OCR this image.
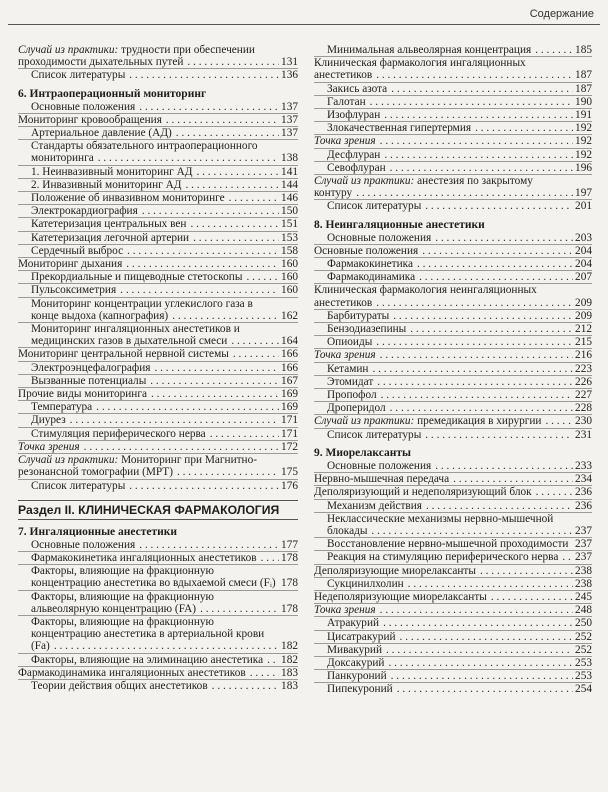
Содержание
Случай из практики: трудности при обеспечении проходимости дыхательных путей . . .	131
Список литературы . . .	136
6. Интраоперационный мониторинг
Основные положения . . .	137
Мониторинг кровообращения . . .	137
Артериальное давление (АД) . . .	137
Стандарты обязательного интраоперационного мониторинга . . .	138
1. Неинвазивный мониторинг АД . . .	141
2. Инвазивный мониторинг АД . . .	144
Положение об инвазивном мониторинге . . .	146
Электрокардиография . . .	150
Катетеризация центральных вен . . .	151
Катетеризация легочной артерии . . .	153
Сердечный выброс . . .	158
Мониторинг дыхания . . .	160
Прекордиальные и пищеводные стетоскопы . . .	160
Пульсоксиметрия . . .	160
Мониторинг концентрации углекислого газа в конце выдоха (капнография) . . .	162
Мониторинг ингаляционных анестетиков и медицинских газов в дыхательной смеси . . .	164
Мониторинг центральной нервной системы . . .	166
Электроэнцефалография . . .	166
Вызванные потенциалы . . .	167
Прочие виды мониторинга . . .	169
Температура . . .	169
Диурез . . .	171
Стимуляция периферического нерва . . .	171
Точка зрения . . .	172
Случай из практики: Мониторинг при Магнитно-резонансной томографии (МРТ) . . .	175
Список литературы . . .	176
Раздел II. КЛИНИЧЕСКАЯ ФАРМАКОЛОГИЯ
7. Ингаляционные анестетики
Основные положения . . .	177
Фармакокинетика ингаляционных анестетиков . . .	178
Факторы, влияющие на фракционную концентрацию анестетика во вдыхаемой смеси (Fᵢ) . . . 178
Факторы, влияющие на фракционную альвеолярную концентрацию (FA) . . .	178
Факторы, влияющие на фракционную концентрацию анестетика в артериальной крови (Fa) . . .	182
Факторы, влияющие на элиминацию анестетика . . .	182
Фармакодинамика ингаляционных анестетиков . . .	183
Теории действия общих анестетиков . . .	183
Минимальная альвеолярная концентрация . . .	185
Клиническая фармакология ингаляционных анестетиков . . .	187
Закись азота . . .	187
Галотан . . .	190
Изофлуран . . .	191
Злокачественная гипертермия . . .	192
Точка зрения . . .	192
Десфлуран . . .	192
Севофлуран . . .	196
Случай из практики: анестезия по закрытому контуру . . .	197
Список литературы . . .	201
8. Неингаляционные анестетики
Основные положения . . .	203
Основные положения . . .	204
Фармакокинетика . . .	204
Фармакодинамика . . .	207
Клиническая фармакология неингаляционных анестетиков . . .	209
Барбитураты . . .	209
Бензодиазепины . . .	212
Опиоиды . . .	215
Точка зрения . . .	216
Кетамин . . .	223
Этомидат . . .	226
Пропофол . . .	227
Дроперидол . . .	228
Случай из практики: премедикация в хирургии . . .	230
Список литературы . . .	231
9. Миорелаксанты
Основные положения . . .	233
Нервно-мышечная передача . . .	234
Деполяризующий и недеполяризующий блок . . .	236
Механизм действия . . .	236
Неклассические механизмы нервно-мышечной блокады . . .	237
Восстановление нервно-мышечной проходимости . . . 237
Реакция на стимуляцию периферического нерва . . .	237
Деполяризующие миорелаксанты . . .	238
Сукцинилхолин . . .	238
Недеполяризующие миорелаксанты . . .	245
Точка зрения . . .	248
Атракурий . . .	250
Цисатракурий . . .	252
Мивакурий . . .	252
Доксакурий . . .	253
Панкуроний . . .	253
Пипекуроний . . .	254
